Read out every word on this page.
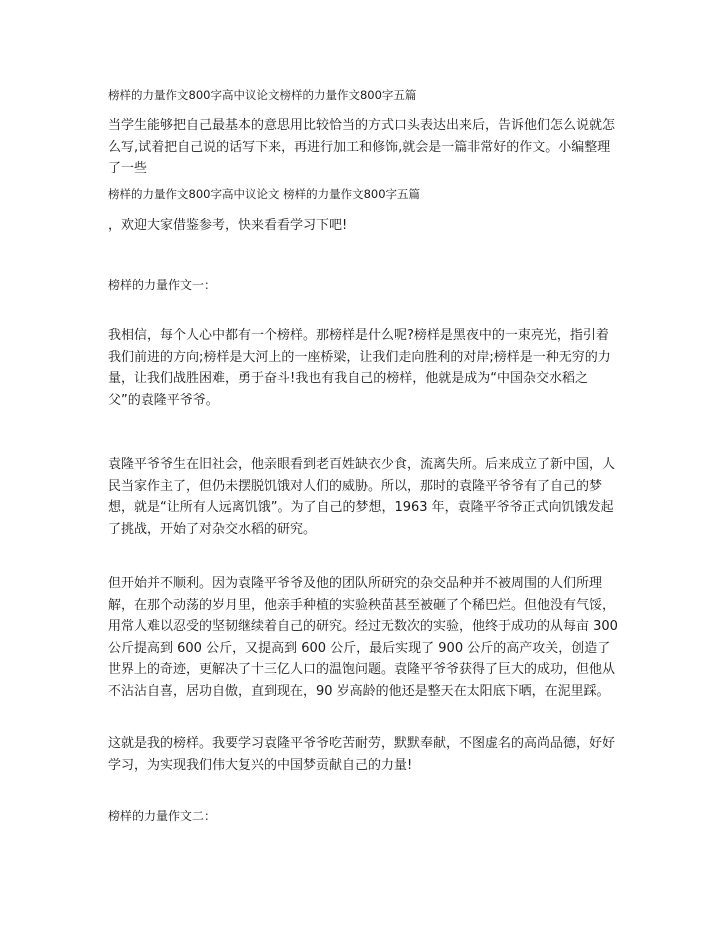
榜样的力量作文800字高中议论文榜样的力量作文800字五篇
当学生能够把自己最基本的意思用比较恰当的方式口头表达出来后，告诉他们怎么说就怎么写,试着把自己说的话写下来，再进行加工和修饰,就会是一篇非常好的作文。小编整理了一些
榜样的力量作文800字高中议论文 榜样的力量作文800字五篇
，欢迎大家借鉴参考，快来看看学习下吧!
榜样的力量作文一：
我相信，每个人心中都有一个榜样。那榜样是什么呢?榜样是黑夜中的一束亮光，指引着我们前进的方向;榜样是大河上的一座桥梁，让我们走向胜利的对岸;榜样是一种无穷的力量，让我们战胜困难，勇于奋斗!我也有我自己的榜样，他就是成为“中国杂交水稻之父”的袁隆平爷爷。
袁隆平爷爷生在旧社会，他亲眼看到老百姓缺衣少食，流离失所。后来成立了新中国，人民当家作主了，但仍未摆脱饥饿对人们的威胁。所以，那时的袁隆平爷爷有了自己的梦想，就是“让所有人远离饥饿”。为了自己的梦想，1963 年，袁隆平爷爷正式向饥饿发起了挑战，开始了对杂交水稻的研究。
但开始并不顺利。因为袁隆平爷爷及他的团队所研究的杂交品种并不被周围的人们所理解，在那个动荡的岁月里，他亲手种植的实验秧苗甚至被砸了个稀巴烂。但他没有气馁，用常人难以忍受的坚韧继续着自己的研究。经过无数次的实验，他终于成功的从每亩 300 公斤提高到 600 公斤，又提高到 600 公斤，最后实现了 900 公斤的高产攻关，创造了世界上的奇迹，更解决了十三亿人口的温饱问题。袁隆平爷爷获得了巨大的成功，但他从不沾沾自喜，居功自傲，直到现在，90 岁高龄的他还是整天在太阳底下晒，在泥里踩。
这就是我的榜样。我要学习袁隆平爷爷吃苦耐劳，默默奉献，不图虚名的高尚品德，好好学习，为实现我们伟大复兴的中国梦贡献自己的力量!
榜样的力量作文二：
